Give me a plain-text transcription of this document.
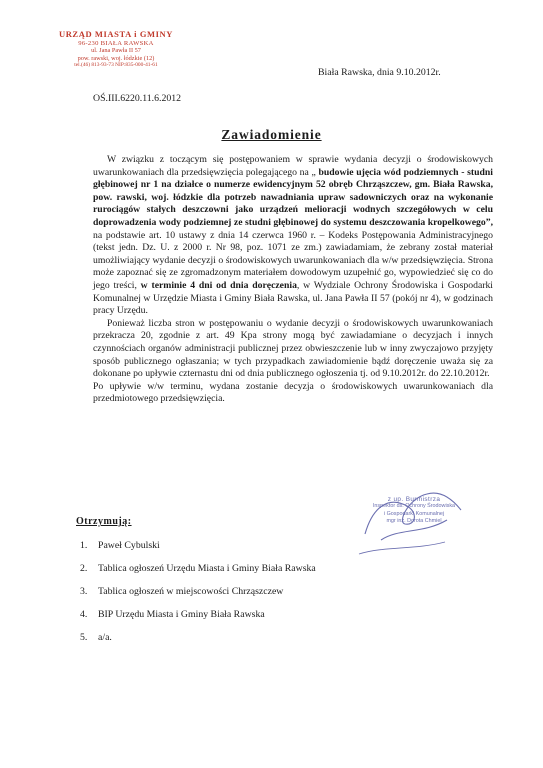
URZĄD MIASTA i GMINY
96-230 BIAŁA RAWSKA
ul. Jana Pawła II 57
pow. rawski, woj. łódzkie (12)
tel.(46) 813-93-73 NIP:835-000-41-61
Biała Rawska, dnia 9.10.2012r.
OŚ.III.6220.11.6.2012
Zawiadomienie

W związku z toczącym się postępowaniem w sprawie wydania decyzji o środowiskowych uwarunkowaniach dla przedsięwzięcia polegającego na „ budowie ujęcia wód podziemnych - studni głębinowej nr 1 na działce o numerze ewidencyjnym 52 obręb Chrząszczew, gm. Biała Rawska, pow. rawski, woj. łódzkie dla potrzeb nawadniania upraw sadowniczych oraz na wykonanie rurociągów stałych deszczowni jako urządzeń melioracji wodnych szczegółowych w celu doprowadzenia wody podziemnej ze studni głębinowej do systemu deszczowania kropelkowego”, na podstawie art. 10 ustawy z dnia 14 czerwca 1960 r. – Kodeks Postępowania Administracyjnego (tekst jedn. Dz. U. z 2000 r. Nr 98, poz. 1071 ze zm.) zawiadamiam, że zebrany został materiał umożliwiający wydanie decyzji o środowiskowych uwarunkowaniach dla w/w przedsięwzięcia. Strona może zapoznać się ze zgromadzonym materiałem dowodowym uzupełnić go, wypowiedzieć się co do jego treści, w terminie 4 dni od dnia doręczenia, w Wydziale Ochrony Środowiska i Gospodarki Komunalnej w Urzędzie Miasta i Gminy Biała Rawska, ul. Jana Pawła II 57 (pokój nr 4), w godzinach pracy Urzędu.

Ponieważ liczba stron w postępowaniu o wydanie decyzji o środowiskowych uwarunkowaniach przekracza 20, zgodnie z art. 49 Kpa strony mogą być zawiadamiane o decyzjach i innych czynnościach organów administracji publicznej przez obwieszczenie lub w inny zwyczajowo przyjęty sposób publicznego ogłaszania; w tych przypadkach zawiadomienie bądź doręczenie uważa się za dokonane po upływie czternastu dni od dnia publicznego ogłoszenia tj. od 9.10.2012r. do 22.10.2012r.

Po upływie w/w terminu, wydana zostanie decyzja o środowiskowych uwarunkowaniach dla przedmiotowego przedsięwzięcia.

z up. Burmistrza
Inspektor ds. Ochrony Środowiska
i Gospodarki Komunalnej
mgr inż. Dorota Chmiel
Otrzymują:
1.	Paweł Cybulski
2.	Tablica ogłoszeń Urzędu Miasta i Gminy Biała Rawska
3.	Tablica ogłoszeń w miejscowości Chrząszczew
4.	BIP Urzędu Miasta i Gminy Biała Rawska
5.	a/a.
